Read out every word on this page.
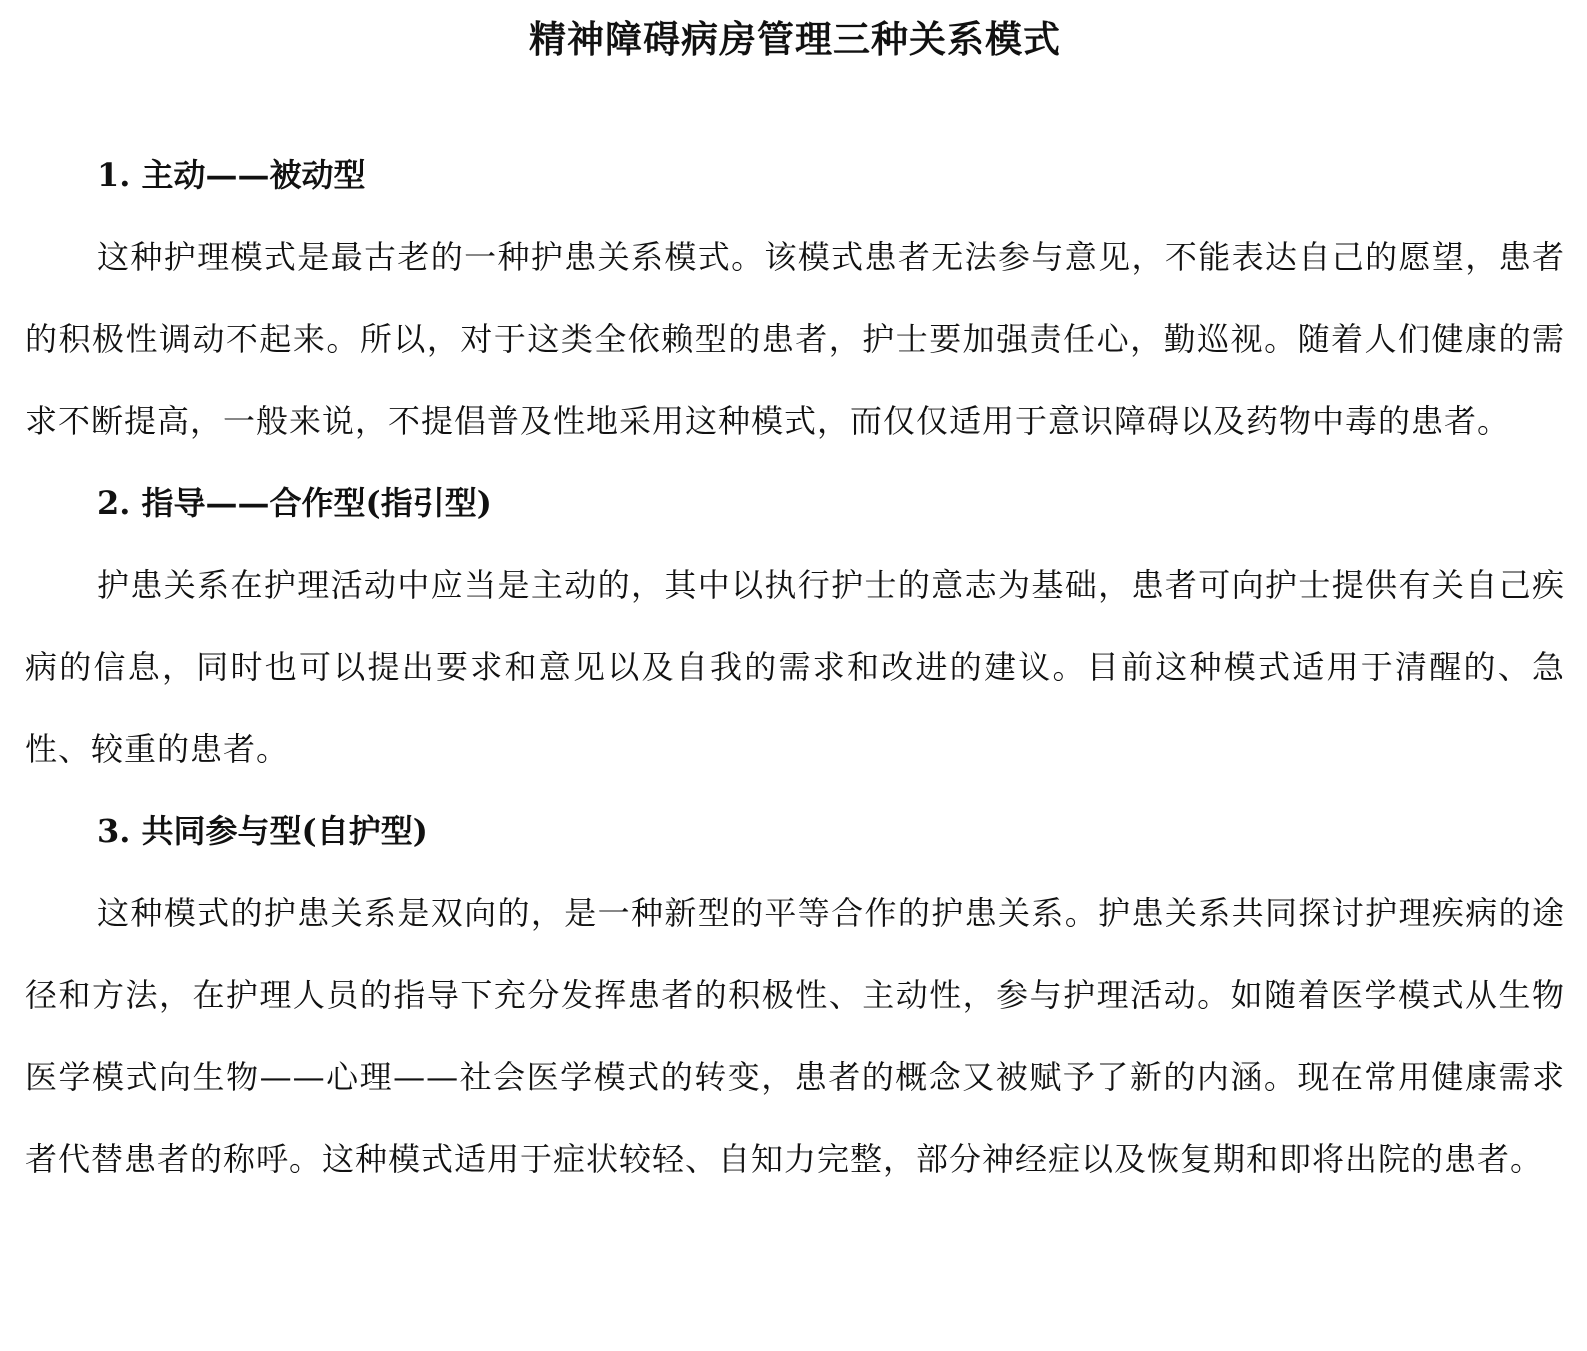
精神障碍病房管理三种关系模式
1. 主动——被动型

这种护理模式是最古老的一种护患关系模式。该模式患者无法参与意见，不能表达自己的愿望，患者的积极性调动不起来。所以，对于这类全依赖型的患者，护士要加强责任心，勤巡视。随着人们健康的需求不断提高，一般来说，不提倡普及性地采用这种模式，而仅仅适用于意识障碍以及药物中毒的患者。

2. 指导——合作型(指引型)

护患关系在护理活动中应当是主动的，其中以执行护士的意志为基础，患者可向护士提供有关自己疾病的信息，同时也可以提出要求和意见以及自我的需求和改进的建议。目前这种模式适用于清醒的、急性、较重的患者。

3. 共同参与型(自护型)

这种模式的护患关系是双向的，是一种新型的平等合作的护患关系。护患关系共同探讨护理疾病的途径和方法，在护理人员的指导下充分发挥患者的积极性、主动性，参与护理活动。如随着医学模式从生物医学模式向生物——心理——社会医学模式的转变，患者的概念又被赋予了新的内涵。现在常用健康需求者代替患者的称呼。这种模式适用于症状较轻、自知力完整，部分神经症以及恢复期和即将出院的患者。
